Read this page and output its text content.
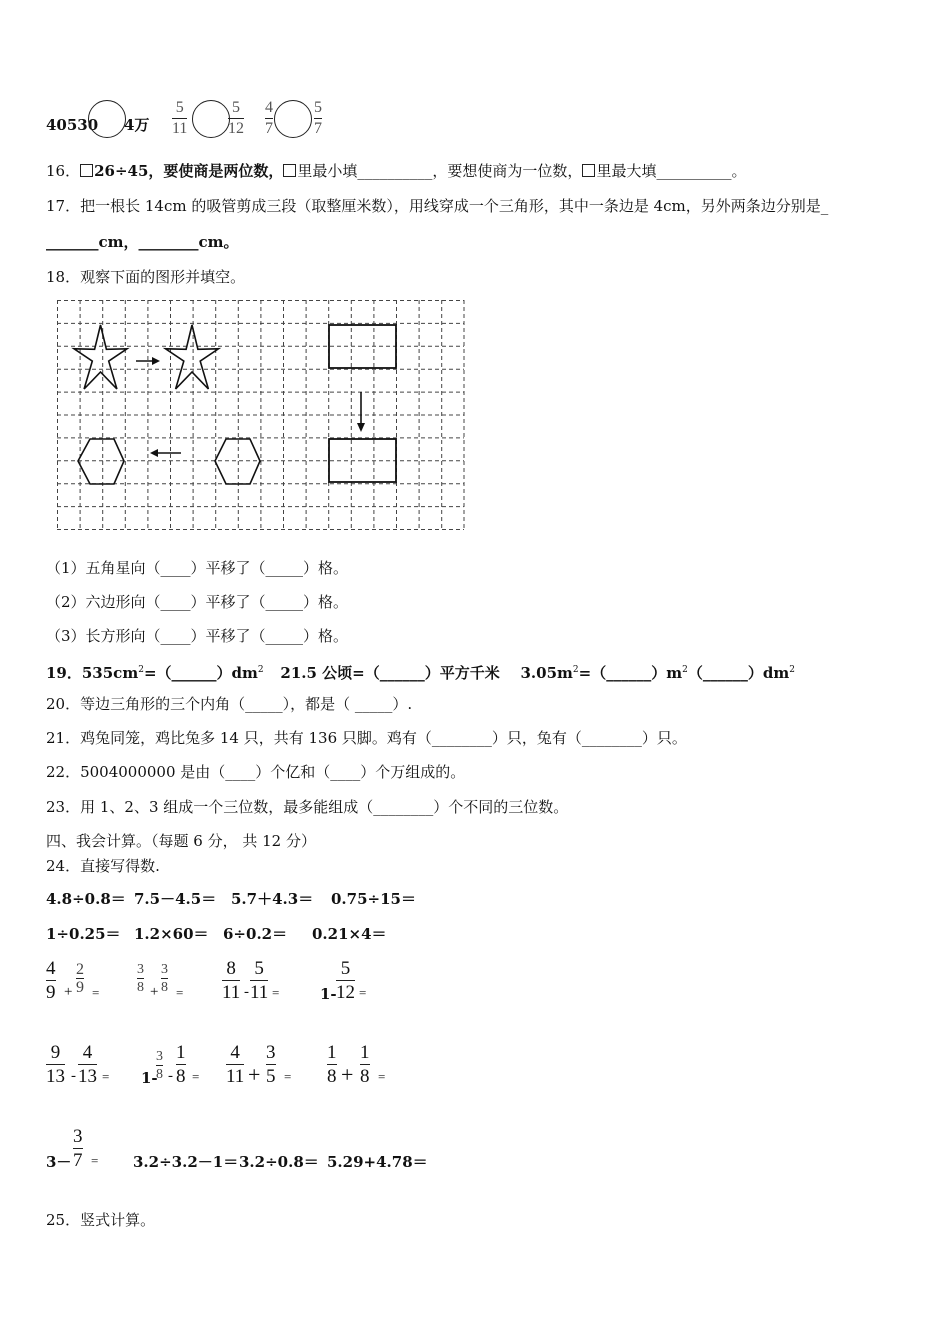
40530 4万
5
11
5
12
4
7
5
7
16． 26÷45，要使商是两位数， 里最小填__________，要想使商为一位数， 里最大填__________。
17．把一根长 14cm 的吸管剪成三段（取整厘米数），用线穿成一个三角形，其中一条边是 4cm，另外两条边分别是_
_______cm，________cm。
18．观察下面的图形并填空。
（1）五角星向（____）平移了（_____）格。
（2）六边形向（____）平移了（_____）格。
（3）长方形向（____）平移了（_____）格。
19．$535cm^2=(\_\_\_\_\_\_)dm^2$ 21.5 公顷=（______）平方千米 $3.05m^2=(\_\_\_\_\_\_)m^2(\_\_\_\_\_\_)dm^2$
20．等边三角形的三个内角（_____），都是（ _____）.
21．鸡兔同笼，鸡比兔多 14 只，共有 136 只脚。鸡有（________）只，兔有（________）只。
22．5004000000 是由（____）个亿和（____）个万组成的。
23．用 1、2、3 组成一个三位数，最多能组成（________）个不同的三位数。
四、我会计算。（每题 6 分， 共 12 分）
24．直接写得数.
4.8÷0.8＝ 7.5－4.5＝ 5.7＋4.3＝ 0.75÷15＝
1÷0.25＝ 1.2×60＝ 6÷0.2＝ 0.21×4＝
4
9 +
2
9 =
3
8 +
3
8 =
8
11 -
5
11 =	1-
5
12 =
9
13 -
4
13 = 1-
3
8 -
1
8 =
4
11 +
3
5 =
1
8 +
1
8 =
3－
3
7 = 3.2÷3.2－1＝ 3.2÷0.8＝ 5.29+4.78＝
25．竖式计算。
